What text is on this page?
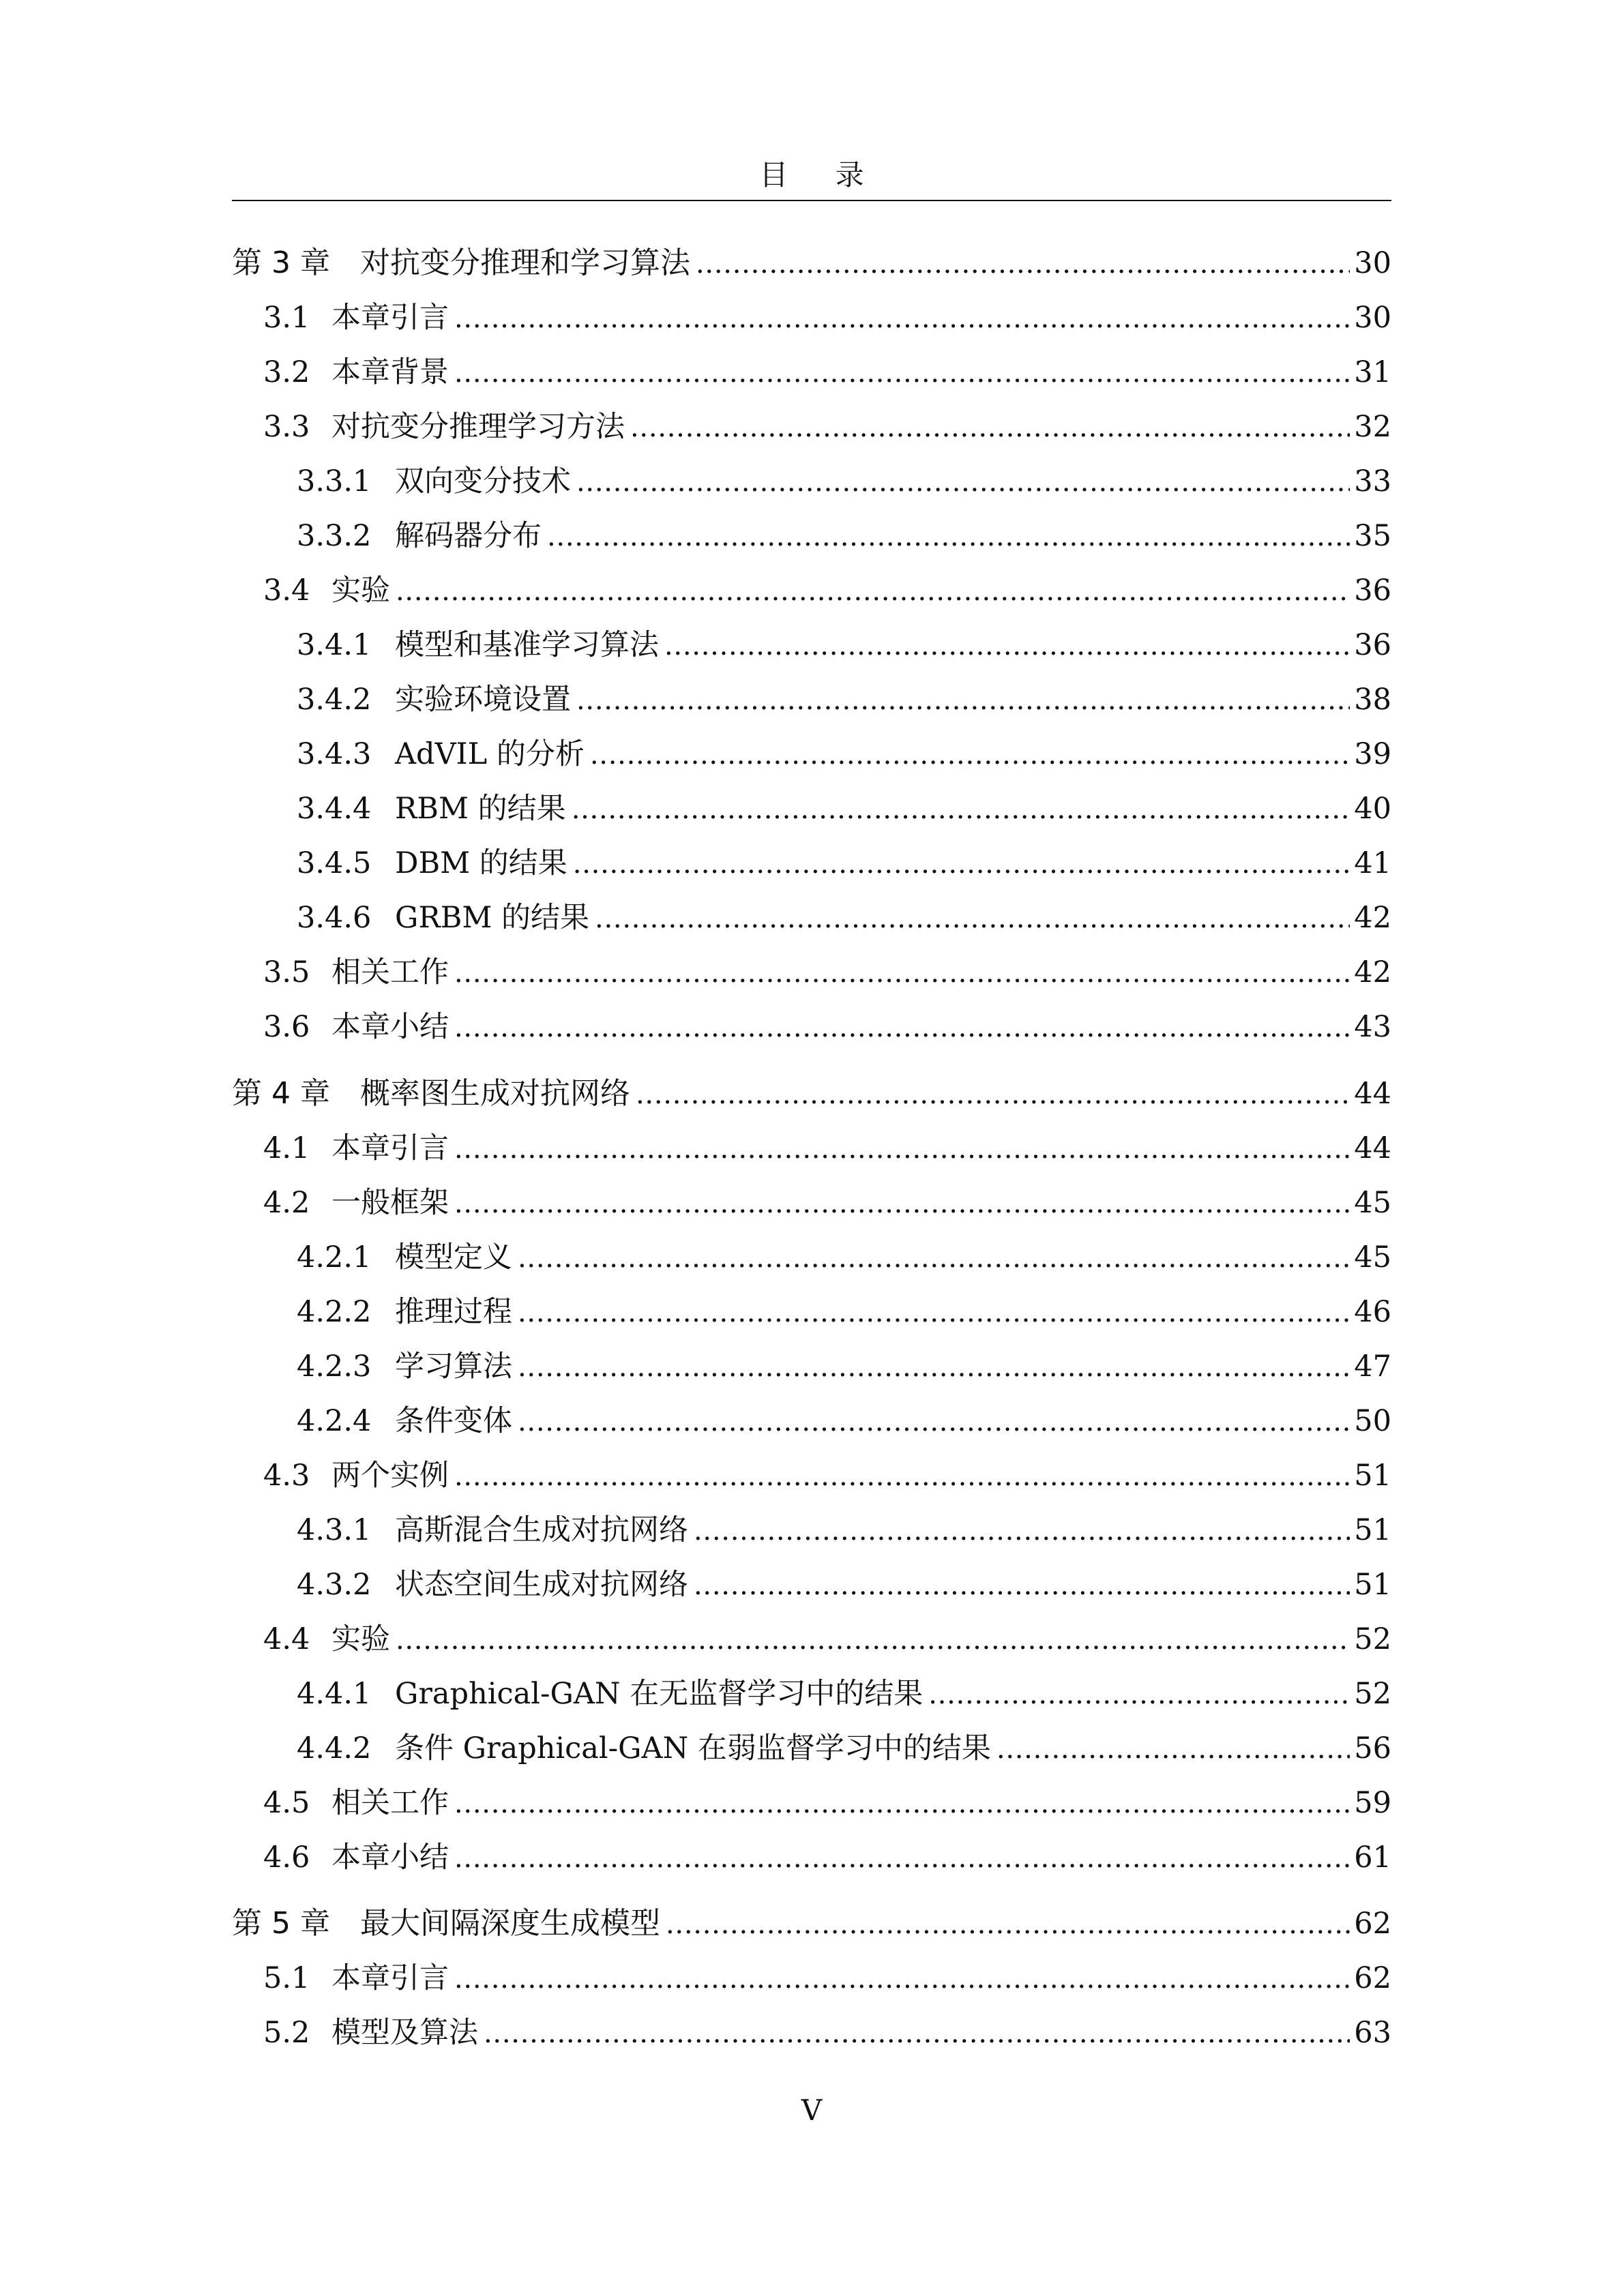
目 录
第 3 章	对抗变分推理和学习算法 . . .	30
3.1 本章引言 . . .	30
3.2 本章背景 . . .	31
3.3 对抗变分推理学习方法 . . .	32
3.3.1 双向变分技术 . . .	33
3.3.2 解码器分布 . . .	35
3.4 实验 . . .	36
3.4.1 模型和基准学习算法 . . .	36
3.4.2 实验环境设置 . . .	38
3.4.3 AdVIL 的分析 . . .	39
3.4.4 RBM 的结果 . . .	40
3.4.5 DBM 的结果 . . .	41
3.4.6 GRBM 的结果 . . .	42
3.5 相关工作 . . .	42
3.6 本章小结 . . .	43
第 4 章	概率图生成对抗网络 . . .	44
4.1 本章引言 . . .	44
4.2 一般框架 . . .	45
4.2.1 模型定义 . . .	45
4.2.2 推理过程 . . .	46
4.2.3 学习算法 . . .	47
4.2.4 条件变体 . . .	50
4.3 两个实例 . . .	51
4.3.1 高斯混合生成对抗网络 . . .	51
4.3.2 状态空间生成对抗网络 . . .	51
4.4 实验 . . .	52
4.4.1 Graphical-GAN 在无监督学习中的结果 . . .	52
4.4.2 条件 Graphical-GAN 在弱监督学习中的结果 . . .	56
4.5 相关工作 . . .	59
4.6 本章小结 . . .	61
第 5 章	最大间隔深度生成模型 . . .	62
5.1 本章引言 . . .	62
5.2 模型及算法 . . .	63
V
